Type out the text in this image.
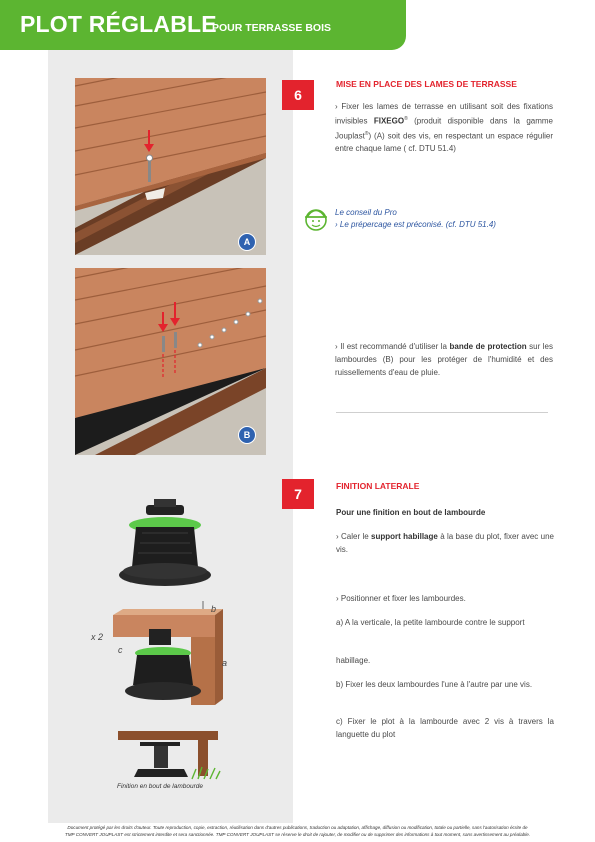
PLOT RÉGLABLE
POUR TERRASSE BOIS
A
B
6
MISE EN PLACE DES LAMES DE TERRASSE
› Fixer les lames de terrasse en utilisant soit des fixations invisibles FIXEGO® (produit disponible dans la gamme Jouplast®) (A) soit des vis, en respectant un espace régulier entre chaque lame ( cf. DTU 51.4)
Le conseil du Pro
› Le prépercage est préconisé. (cf. DTU 51.4)
› Il est recommandé d'utiliser la bande de protection sur les lambourdes (B) pour les protéger de l'humidité et des ruissellements d'eau de pluie.
7	FINITION LATERALE
Pour une finition en bout de lambourde
› Caler le support habillage à la base du plot, fixer avec une vis.
› Positionner et fixer les lambourdes.
a) A la verticale, la petite lambourde contre le support
habillage.
b) Fixer les deux lambourdes l'une à l'autre par une vis.
c) Fixer le plot à la lambourde avec 2 vis à travers la languette du plot
x 2
a
b
c
Finition en bout de lambourde
Document protégé par les droits d'auteur. Toute reproduction, copie, extraction, réutilisation dans d'autres publications, traduction ou adaptation, affichage, diffusion ou modification, totale ou partielle, sans l'autorisation écrite de
TMP CONVERT JOUPLAST est strictement interdite et sera sanctionnée. TMP CONVERT JOUPLAST se réserve le droit de rajouter, de modifier ou de supprimer des informations à tout moment, sans avertissement au préalable.
